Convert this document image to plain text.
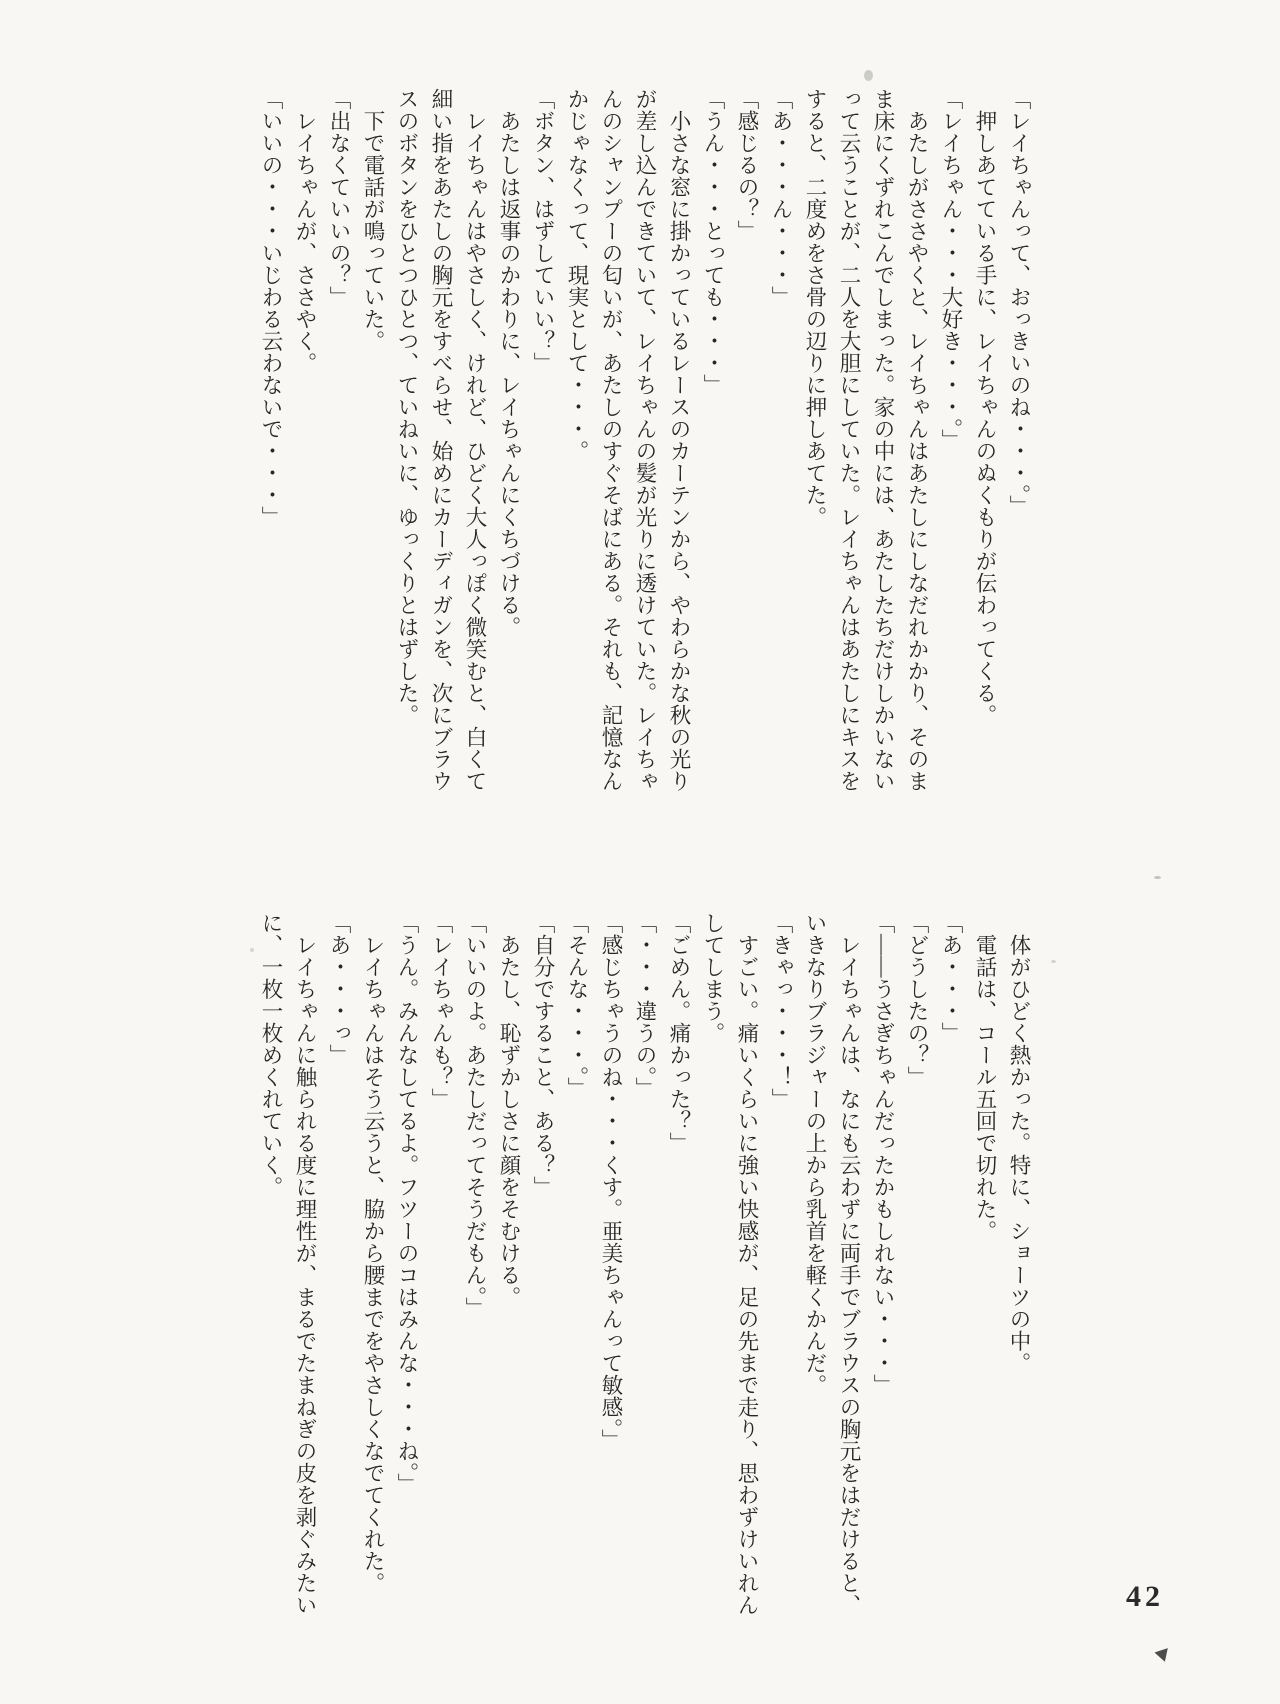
「レイちゃんって、おっきいのね・・・。」
　押しあてている手に、レイちゃんのぬくもりが伝わってくる。
「レイちゃん・・・大好き・・・。」
　あたしがささやくと、レイちゃんはあたしにしなだれかかり、そのま
ま床にくずれこんでしまった。家の中には、あたしたちだけしかいない
って云うことが、二人を大胆にしていた。レイちゃんはあたしにキスを
すると、二度めをさ骨の辺りに押しあてた。
「あ・・・ん・・・」
「感じるの？」
「うん・・・とっても・・・」
　小さな窓に掛かっているレースのカーテンから、やわらかな秋の光り
が差し込んできていて、レイちゃんの髪が光りに透けていた。レイちゃ
んのシャンプーの匂いが、あたしのすぐそばにある。それも、記憶なん
かじゃなくって、現実として・・・。
「ボタン、はずしていい？」
　あたしは返事のかわりに、レイちゃんにくちづける。
　レイちゃんはやさしく、けれど、ひどく大人っぽく微笑むと、白くて
細い指をあたしの胸元をすべらせ、始めにカーディガンを、次にブラウ
スのボタンをひとつひとつ、ていねいに、ゆっくりとはずした。
　下で電話が鳴っていた。
「出なくていいの？」
　レイちゃんが、ささやく。
「いいの・・・いじわる云わないで・・・」
　体がひどく熱かった。特に、ショーツの中。
　電話は、コール五回で切れた。
「あ・・・」
「どうしたの？」
「――うさぎちゃんだったかもしれない・・・」
　レイちゃんは、なにも云わずに両手でブラウスの胸元をはだけると、
いきなりブラジャーの上から乳首を軽くかんだ。
「きゃっ・・・！」
　すごい。痛いくらいに強い快感が、足の先まで走り、思わずけいれん
してしまう。
「ごめん。痛かった？」
「・・・違うの。」
「感じちゃうのね・・・くす。亜美ちゃんって敏感。」
「そんな・・・。」
「自分ですること、ある？」
　あたし、恥ずかしさに顔をそむける。
「いいのよ。あたしだってそうだもん。」
「レイちゃんも？」
「うん。みんなしてるよ。フツーのコはみんな・・・ね。」
　レイちゃんはそう云うと、脇から腰までをやさしくなでてくれた。
「あ・・・っ」
　レイちゃんに触られる度に理性が、まるでたまねぎの皮を剥ぐみたい
に、一枚一枚めくれていく。
42
